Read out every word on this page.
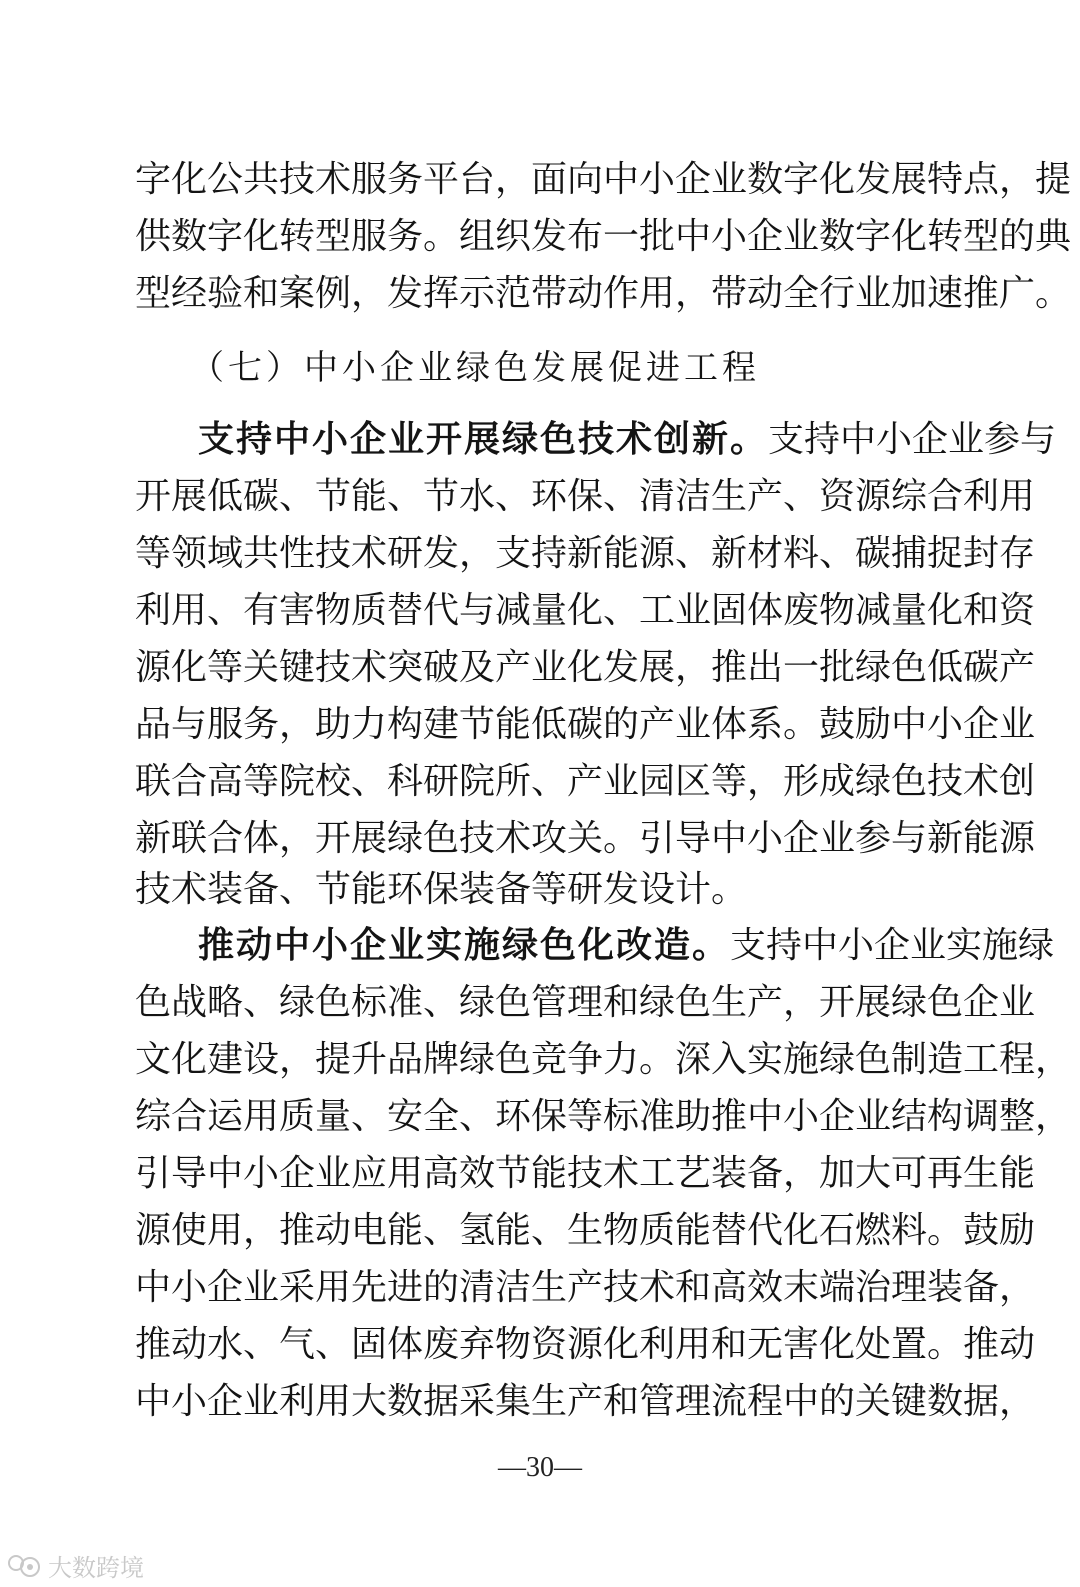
字化公共技术服务平台，面向中小企业数字化发展特点，提
供数字化转型服务。组织发布一批中小企业数字化转型的典
型经验和案例，发挥示范带动作用，带动全行业加速推广。
（七）中小企业绿色发展促进工程
支持中小企业开展绿色技术创新。支持中小企业参与
开展低碳、节能、节水、环保、清洁生产、资源综合利用
等领域共性技术研发，支持新能源、新材料、碳捕捉封存
利用、有害物质替代与减量化、工业固体废物减量化和资
源化等关键技术突破及产业化发展，推出一批绿色低碳产
品与服务，助力构建节能低碳的产业体系。鼓励中小企业
联合高等院校、科研院所、产业园区等，形成绿色技术创
新联合体，开展绿色技术攻关。引导中小企业参与新能源
技术装备、节能环保装备等研发设计。
推动中小企业实施绿色化改造。支持中小企业实施绿
色战略、绿色标准、绿色管理和绿色生产，开展绿色企业
文化建设，提升品牌绿色竞争力。深入实施绿色制造工程，
综合运用质量、安全、环保等标准助推中小企业结构调整，
引导中小企业应用高效节能技术工艺装备，加大可再生能
源使用，推动电能、氢能、生物质能替代化石燃料。鼓励
中小企业采用先进的清洁生产技术和高效末端治理装备，
推动水、气、固体废弃物资源化利用和无害化处置。推动
中小企业利用大数据采集生产和管理流程中的关键数据，
—30—
大数跨境
